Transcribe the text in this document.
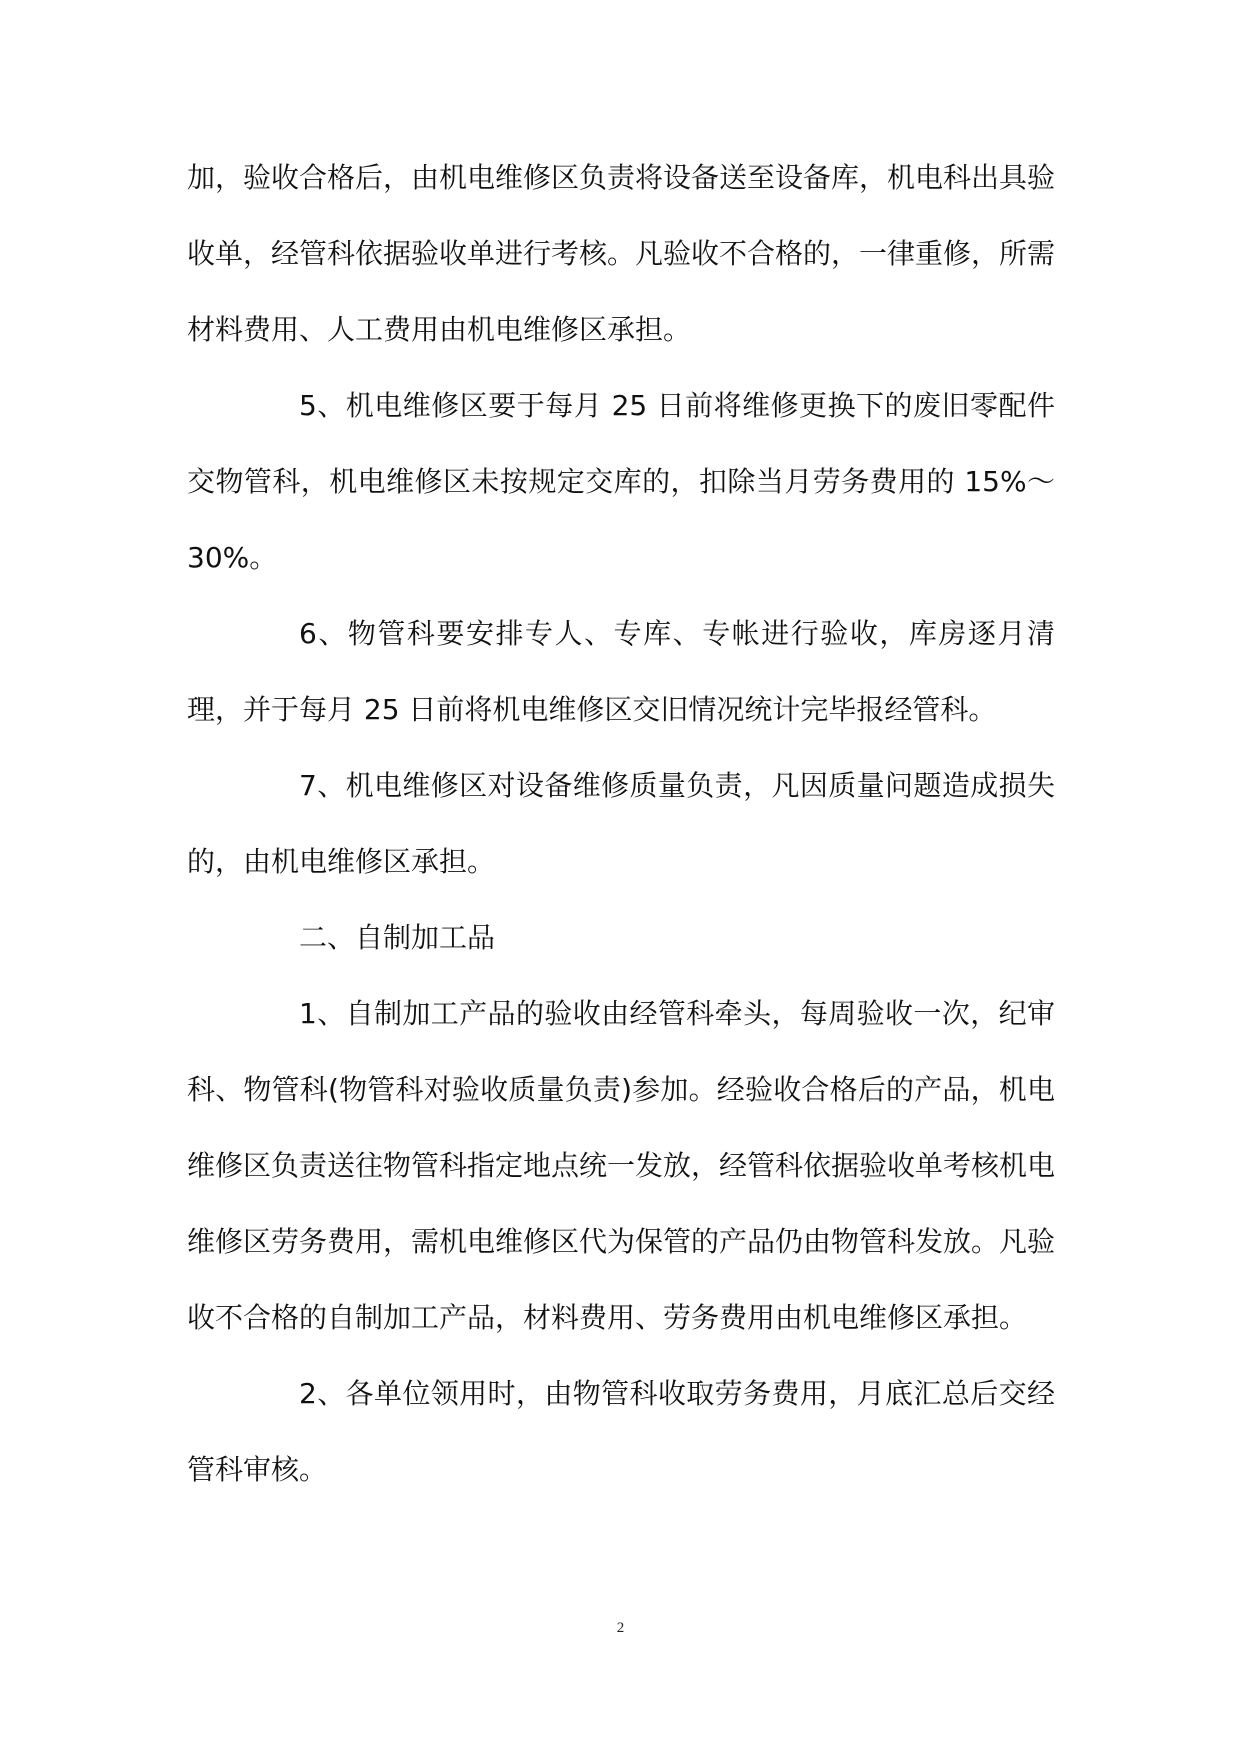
加，验收合格后，由机电维修区负责将设备送至设备库，机电科出具验收单，经管科依据验收单进行考核。凡验收不合格的，一律重修，所需材料费用、人工费用由机电维修区承担。

5、机电维修区要于每月 25 日前将维修更换下的废旧零配件交物管科，机电维修区未按规定交库的，扣除当月劳务费用的 15%～30%。

6、物管科要安排专人、专库、专帐进行验收，库房逐月清理，并于每月 25 日前将机电维修区交旧情况统计完毕报经管科。

7、机电维修区对设备维修质量负责，凡因质量问题造成损失的，由机电维修区承担。

二、自制加工品

1、自制加工产品的验收由经管科牵头，每周验收一次，纪审科、物管科(物管科对验收质量负责)参加。经验收合格后的产品，机电维修区负责送往物管科指定地点统一发放，经管科依据验收单考核机电维修区劳务费用，需机电维修区代为保管的产品仍由物管科发放。凡验收不合格的自制加工产品，材料费用、劳务费用由机电维修区承担。

2、各单位领用时，由物管科收取劳务费用，月底汇总后交经管科审核。

2
